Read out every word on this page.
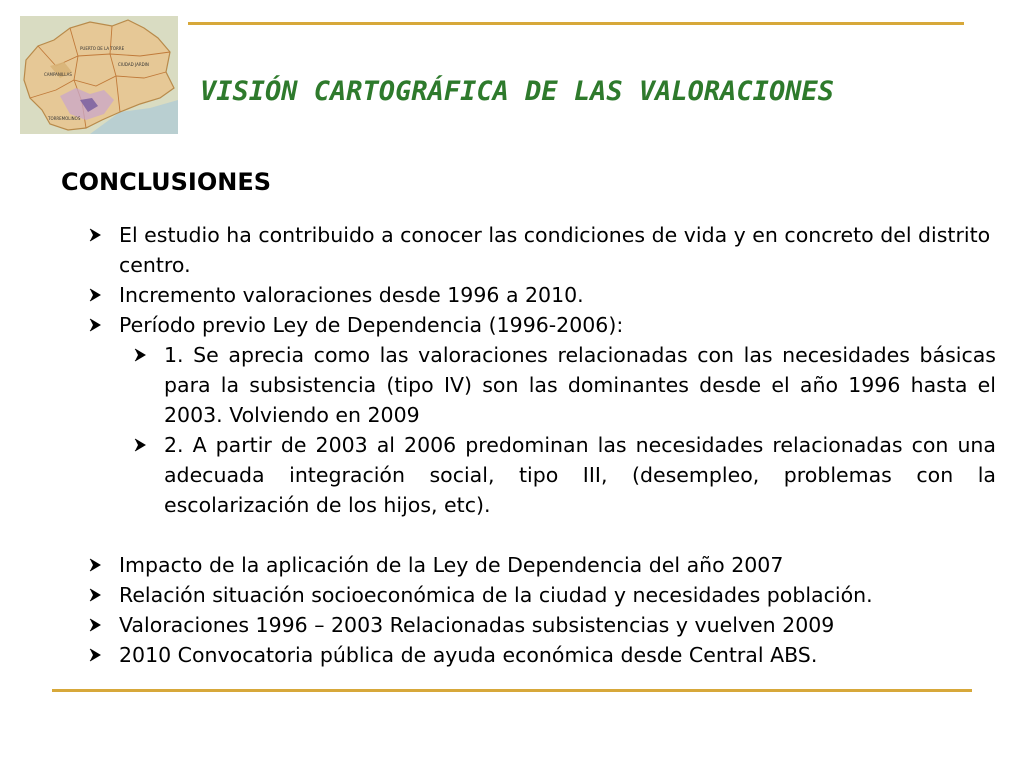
CAMPANILLAS
PUERTO DE LA TORRE
CIUDAD JARDIN
TORREMOLINOS
VISIÓN CARTOGRÁFICA DE LAS VALORACIONES
CONCLUSIONES
El estudio ha contribuido a conocer las condiciones de vida y en concreto del distrito centro.
Incremento valoraciones desde 1996 a 2010.
Período previo Ley de Dependencia (1996-2006):
1. Se aprecia como las valoraciones relacionadas con las necesidades básicas para la subsistencia (tipo IV) son las dominantes desde el año 1996 hasta el 2003. Volviendo en 2009
2. A partir de 2003 al 2006 predominan las necesidades relacionadas con una adecuada integración social, tipo III, (desempleo, problemas con la escolarización de los hijos, etc).
Impacto de la aplicación de la Ley de Dependencia del año 2007
Relación situación socioeconómica de la ciudad y necesidades población.
Valoraciones 1996 – 2003 Relacionadas subsistencias y vuelven 2009
2010 Convocatoria pública de ayuda económica desde Central ABS.
